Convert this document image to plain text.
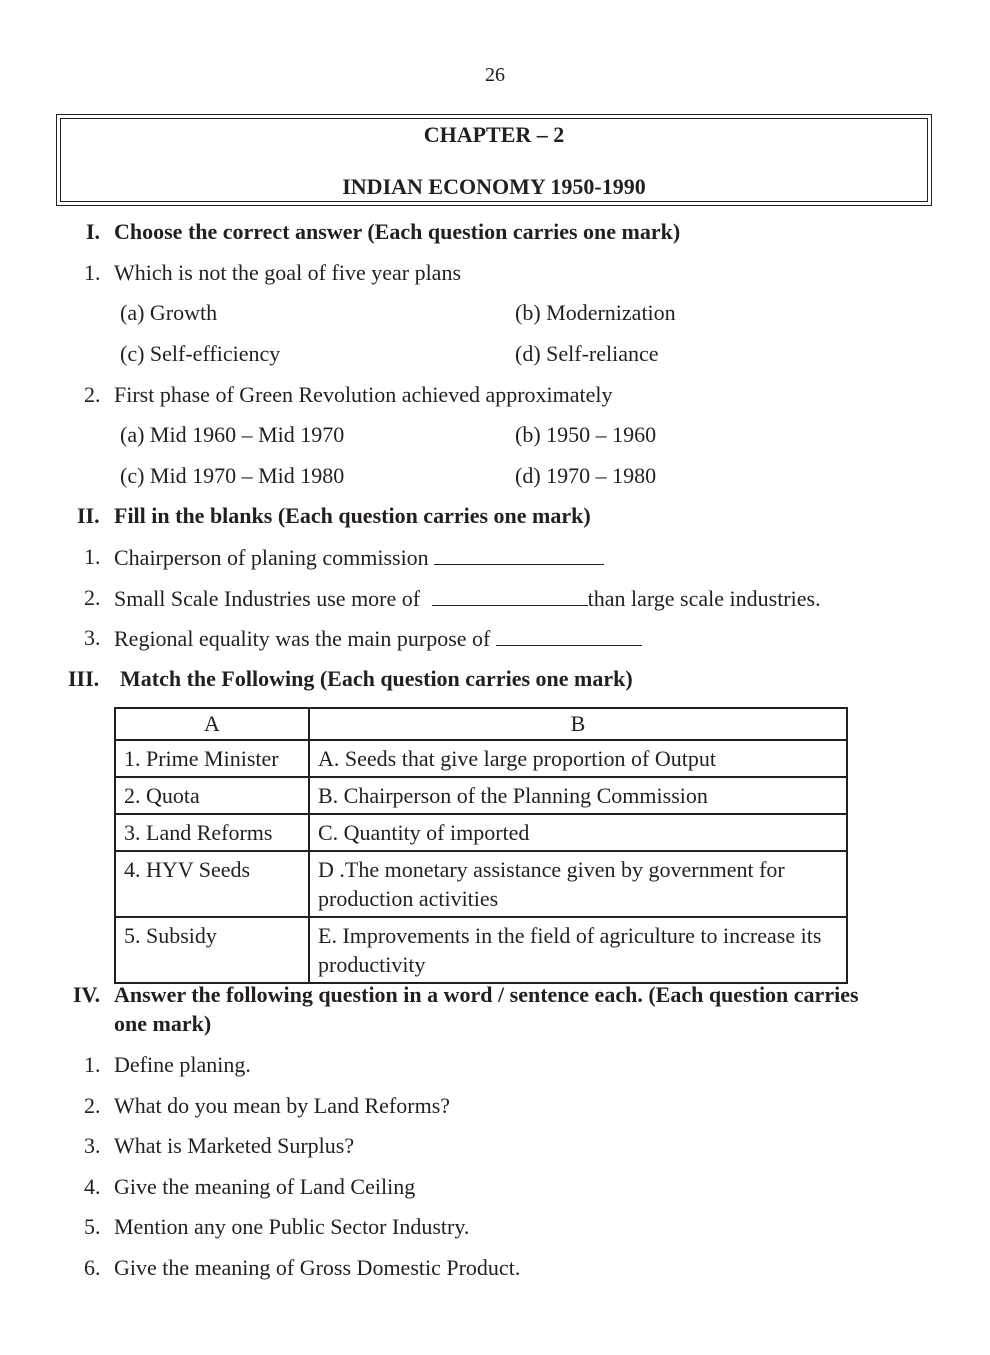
26
CHAPTER – 2
INDIAN ECONOMY 1950-1990
I. Choose the correct answer (Each question carries one mark)
1. Which is not the goal of five year plans
(a) Growth	(b) Modernization
(c) Self-efficiency	(d) Self-reliance
2. First phase of Green Revolution achieved approximately
(a) Mid 1960 – Mid 1970	(b) 1950 – 1960
(c) Mid 1970 – Mid 1980	(d) 1970 – 1980
II. Fill in the blanks (Each question carries one mark)
1. Chairperson of planing commission
2. Small Scale Industries use more of	than large scale industries.
3. Regional equality was the main purpose of
III. Match the Following (Each question carries one mark)
A	B
1. Prime Minister	A. Seeds that give large proportion of Output
2. Quota	B. Chairperson of the Planning Commission
3. Land Reforms	C. Quantity of imported
4. HYV Seeds	D .The monetary assistance given by government for production activities
5. Subsidy	E. Improvements in the field of agriculture to increase its productivity
IV. Answer the following question in a word / sentence each. (Each question carries
one mark)
1. Define planing.
2. What do you mean by Land Reforms?
3. What is Marketed Surplus?
4. Give the meaning of Land Ceiling
5. Mention any one Public Sector Industry.
6. Give the meaning of Gross Domestic Product.
